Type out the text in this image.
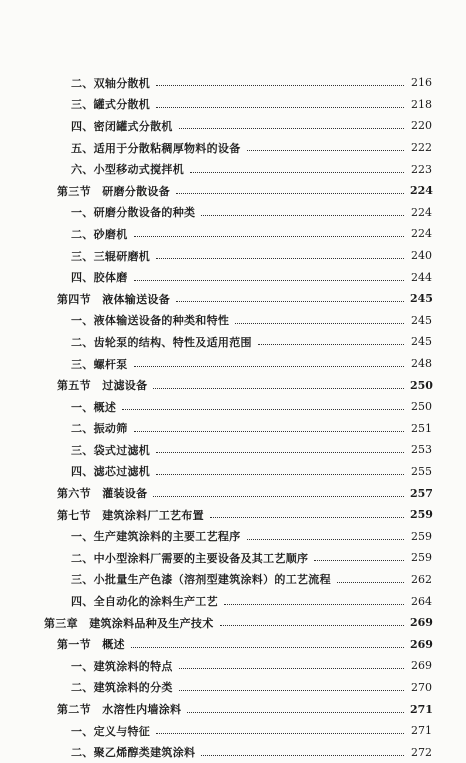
二、双轴分散机	216
三、罐式分散机	218
四、密闭罐式分散机	220
五、适用于分散粘稠厚物料的设备	222
六、小型移动式搅拌机	223
第三节　研磨分散设备	224
一、研磨分散设备的种类	224
二、砂磨机	224
三、三辊研磨机	240
四、胶体磨	244
第四节　液体输送设备	245
一、液体输送设备的种类和特性	245
二、齿轮泵的结构、特性及适用范围	245
三、螺杆泵	248
第五节　过滤设备	250
一、概述	250
二、振动筛	251
三、袋式过滤机	253
四、滤芯过滤机	255
第六节　灌装设备	257
第七节　建筑涂料厂工艺布置	259
一、生产建筑涂料的主要工艺程序	259
二、中小型涂料厂需要的主要设备及其工艺顺序	259
三、小批量生产色漆（溶剂型建筑涂料）的工艺流程	262
四、全自动化的涂料生产工艺	264
第三章　建筑涂料品种及生产技术	269
第一节　概述	269
一、建筑涂料的特点	269
二、建筑涂料的分类	270
第二节　水溶性内墙涂料	271
一、定义与特征	271
二、聚乙烯醇类建筑涂料	272
